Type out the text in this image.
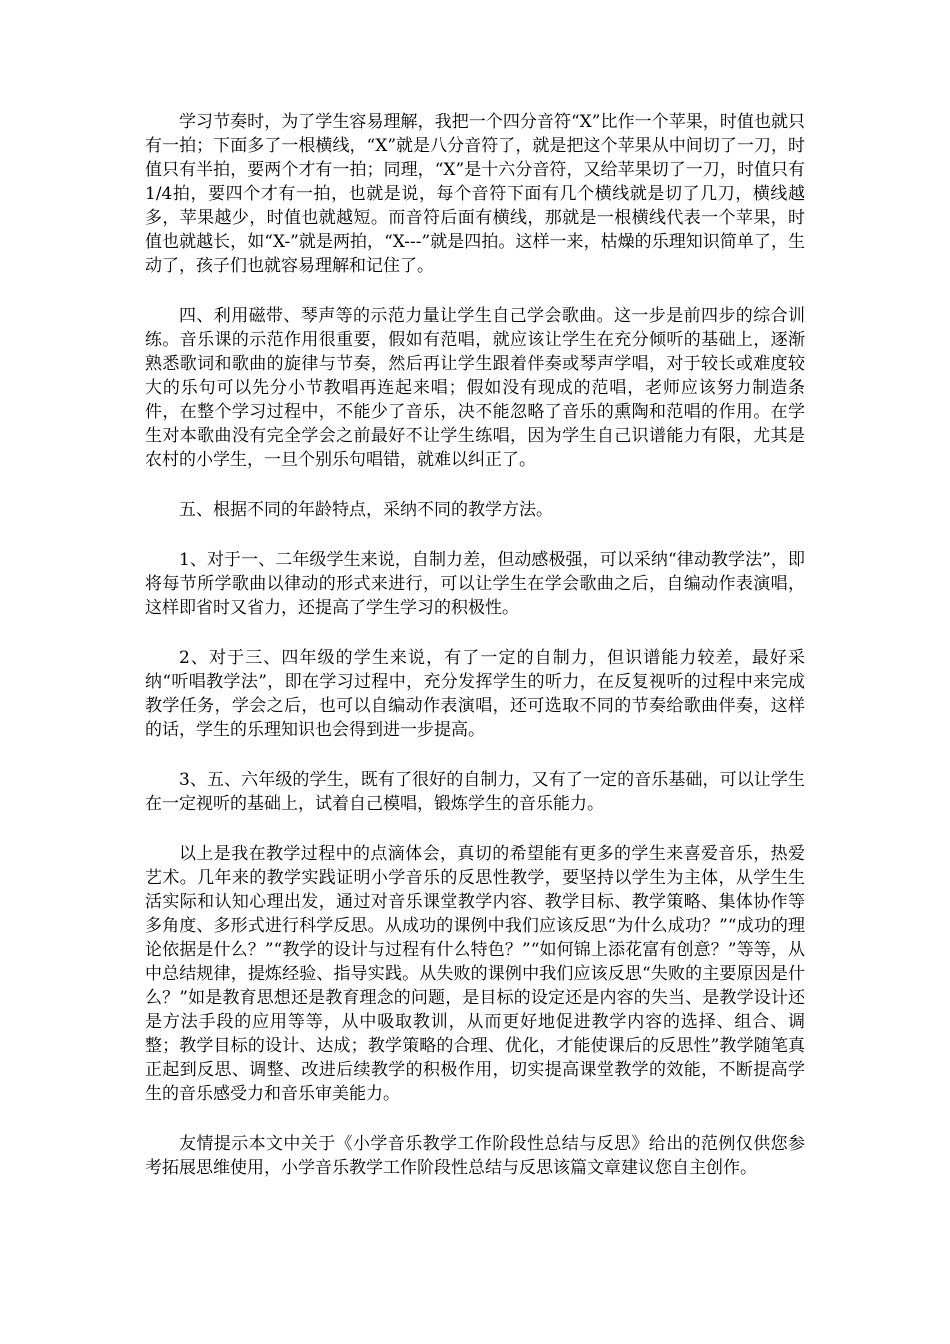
学习节奏时，为了学生容易理解，我把一个四分音符“X”比作一个苹果，时值也就只有一拍；下面多了一根横线，“X”就是八分音符了，就是把这个苹果从中间切了一刀，时值只有半拍，要两个才有一拍；同理，“X”是十六分音符，又给苹果切了一刀，时值只有1/4拍，要四个才有一拍，也就是说，每个音符下面有几个横线就是切了几刀，横线越多，苹果越少，时值也就越短。而音符后面有横线，那就是一根横线代表一个苹果，时值也就越长，如“X-”就是两拍，“X---”就是四拍。这样一来，枯燥的乐理知识简单了，生动了，孩子们也就容易理解和记住了。

四、利用磁带、琴声等的示范力量让学生自己学会歌曲。这一步是前四步的综合训练。音乐课的示范作用很重要，假如有范唱，就应该让学生在充分倾听的基础上，逐渐熟悉歌词和歌曲的旋律与节奏，然后再让学生跟着伴奏或琴声学唱，对于较长或难度较大的乐句可以先分小节教唱再连起来唱；假如没有现成的范唱，老师应该努力制造条件，在整个学习过程中，不能少了音乐，决不能忽略了音乐的熏陶和范唱的作用。在学生对本歌曲没有完全学会之前最好不让学生练唱，因为学生自己识谱能力有限，尤其是农村的小学生，一旦个别乐句唱错，就难以纠正了。

五、根据不同的年龄特点，采纳不同的教学方法。

1、对于一、二年级学生来说，自制力差，但动感极强，可以采纳“律动教学法”，即将每节所学歌曲以律动的形式来进行，可以让学生在学会歌曲之后，自编动作表演唱，这样即省时又省力，还提高了学生学习的积极性。

2、对于三、四年级的学生来说，有了一定的自制力，但识谱能力较差，最好采纳“听唱教学法”，即在学习过程中，充分发挥学生的听力，在反复视听的过程中来完成教学任务，学会之后，也可以自编动作表演唱，还可选取不同的节奏给歌曲伴奏，这样的话，学生的乐理知识也会得到进一步提高。

3、五、六年级的学生，既有了很好的自制力，又有了一定的音乐基础，可以让学生在一定视听的基础上，试着自己模唱，锻炼学生的音乐能力。

以上是我在教学过程中的点滴体会，真切的希望能有更多的学生来喜爱音乐，热爱艺术。几年来的教学实践证明小学音乐的反思性教学，要坚持以学生为主体，从学生生活实际和认知心理出发，通过对音乐课堂教学内容、教学目标、教学策略、集体协作等多角度、多形式进行科学反思。从成功的课例中我们应该反思“为什么成功？”“成功的理论依据是什么？”“教学的设计与过程有什么特色？”“如何锦上添花富有创意？”等等，从中总结规律，提炼经验、指导实践。从失败的课例中我们应该反思“失败的主要原因是什么？”如是教育思想还是教育理念的问题，是目标的设定还是内容的失当、是教学设计还是方法手段的应用等等，从中吸取教训，从而更好地促进教学内容的选择、组合、调整；教学目标的设计、达成；教学策略的合理、优化，才能使课后的反思性”教学随笔真正起到反思、调整、改进后续教学的积极作用，切实提高课堂教学的效能，不断提高学生的音乐感受力和音乐审美能力。

友情提示本文中关于《小学音乐教学工作阶段性总结与反思》给出的范例仅供您参考拓展思维使用，小学音乐教学工作阶段性总结与反思该篇文章建议您自主创作。
